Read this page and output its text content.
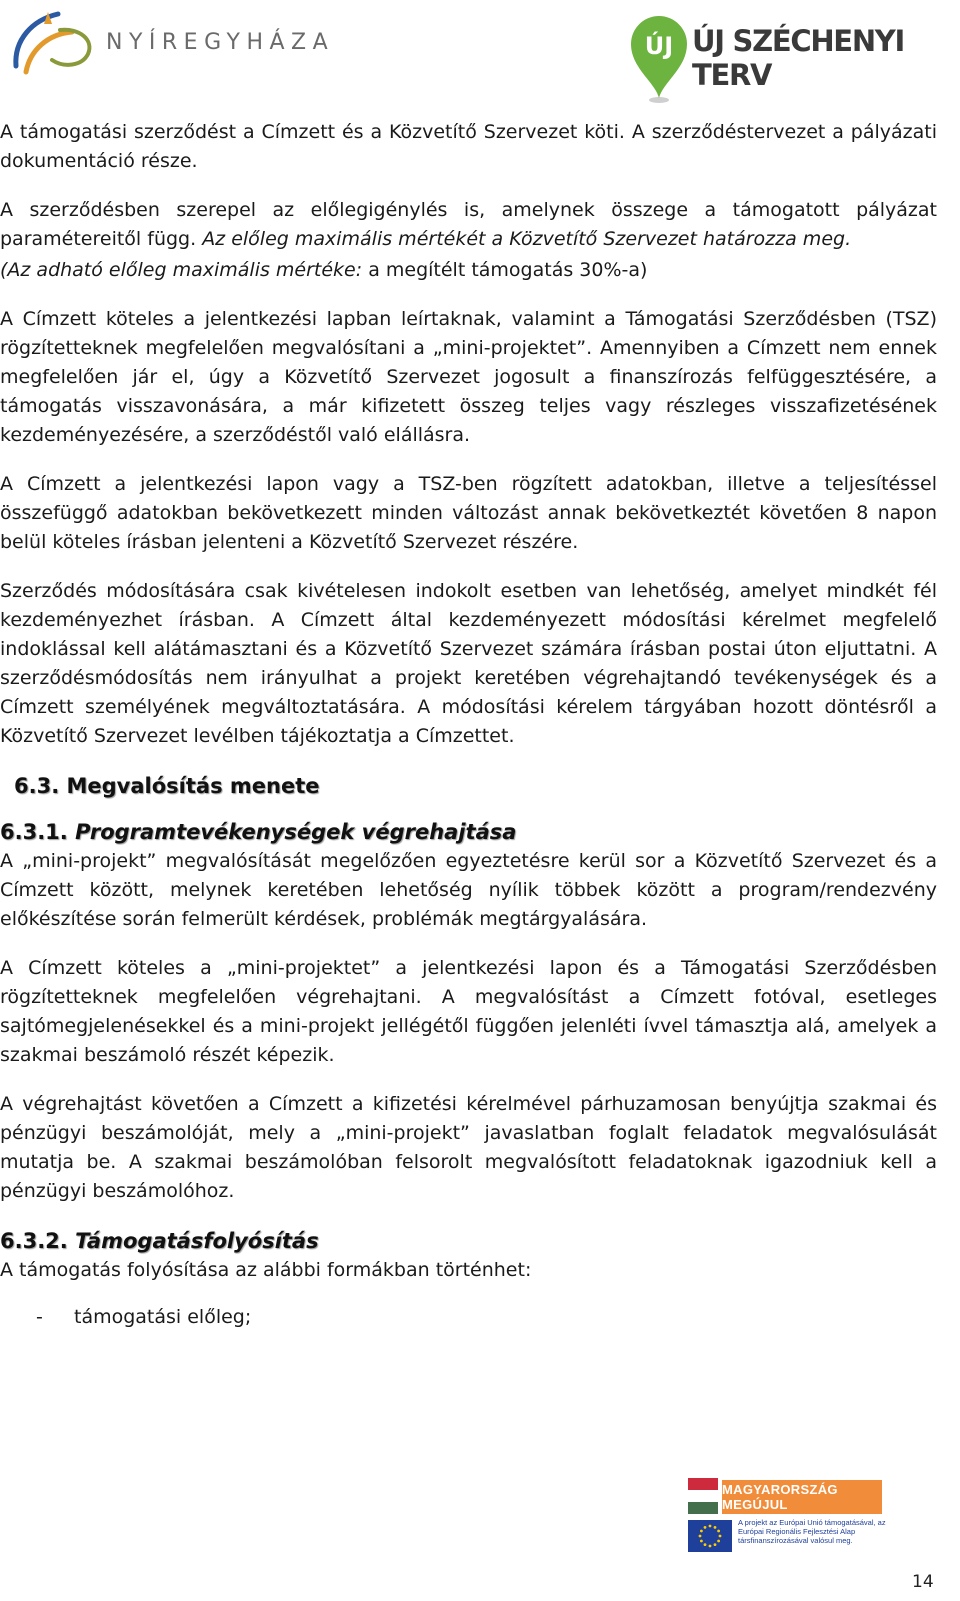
NYÍREGYHÁZA	ÚJ ÚJ SZÉCHENYI TERV

A támogatási szerződést a Címzett és a Közvetítő Szervezet köti. A szerződéstervezet a pályázati dokumentáció része.

A szerződésben szerepel az előlegigénylés is, amelynek összege a támogatott pályázat paramétereitől függ. Az előleg maximális mértékét a Közvetítő Szervezet határozza meg.

(Az adható előleg maximális mértéke: a megítélt támogatás 30%-a)

A Címzett köteles a jelentkezési lapban leírtaknak, valamint a Támogatási Szerződésben (TSZ) rögzítetteknek megfelelően megvalósítani a „mini-projektet”. Amennyiben a Címzett nem ennek megfelelően jár el, úgy a Közvetítő Szervezet jogosult a finanszírozás felfüggesztésére, a támogatás visszavonására, a már kifizetett összeg teljes vagy részleges visszafizetésének kezdeményezésére, a szerződéstől való elállásra.

A Címzett a jelentkezési lapon vagy a TSZ-ben rögzített adatokban, illetve a teljesítéssel összefüggő adatokban bekövetkezett minden változást annak bekövetkeztét követően 8 napon belül köteles írásban jelenteni a Közvetítő Szervezet részére.

Szerződés módosítására csak kivételesen indokolt esetben van lehetőség, amelyet mindkét fél kezdeményezhet írásban. A Címzett által kezdeményezett módosítási kérelmet megfelelő indoklással kell alátámasztani és a Közvetítő Szervezet számára írásban postai úton eljuttatni. A szerződésmódosítás nem irányulhat a projekt keretében végrehajtandó tevékenységek és a Címzett személyének megváltoztatására. A módosítási kérelem tárgyában hozott döntésről a Közvetítő Szervezet levélben tájékoztatja a Címzettet.

6.3. Megvalósítás menete
6.3.1. Programtevékenységek végrehajtása

A „mini-projekt” megvalósítását megelőzően egyeztetésre kerül sor a Közvetítő Szervezet és a Címzett között, melynek keretében lehetőség nyílik többek között a program/rendezvény előkészítése során felmerült kérdések, problémák megtárgyalására.

A Címzett köteles a „mini-projektet” a jelentkezési lapon és a Támogatási Szerződésben rögzítetteknek megfelelően végrehajtani. A megvalósítást a Címzett fotóval, esetleges sajtómegjelenésekkel és a mini-projekt jellégétől függően jelenléti ívvel támasztja alá, amelyek a szakmai beszámoló részét képezik.

A végrehajtást követően a Címzett a kifizetési kérelmével párhuzamosan benyújtja szakmai és pénzügyi beszámolóját, mely a „mini-projekt” javaslatban foglalt feladatok megvalósulását mutatja be. A szakmai beszámolóban felsorolt megvalósított feladatoknak igazodniuk kell a pénzügyi beszámolóhoz.

6.3.2. Támogatásfolyósítás

A támogatás folyósítása az alábbi formákban történhet:

-	támogatási előleg;
MAGYARORSZÁG MEGÚJUL
A projekt az Európai Unió támogatásával, az Európai Regionális Fejlesztési Alap társfinanszírozásával valósul meg.
14
